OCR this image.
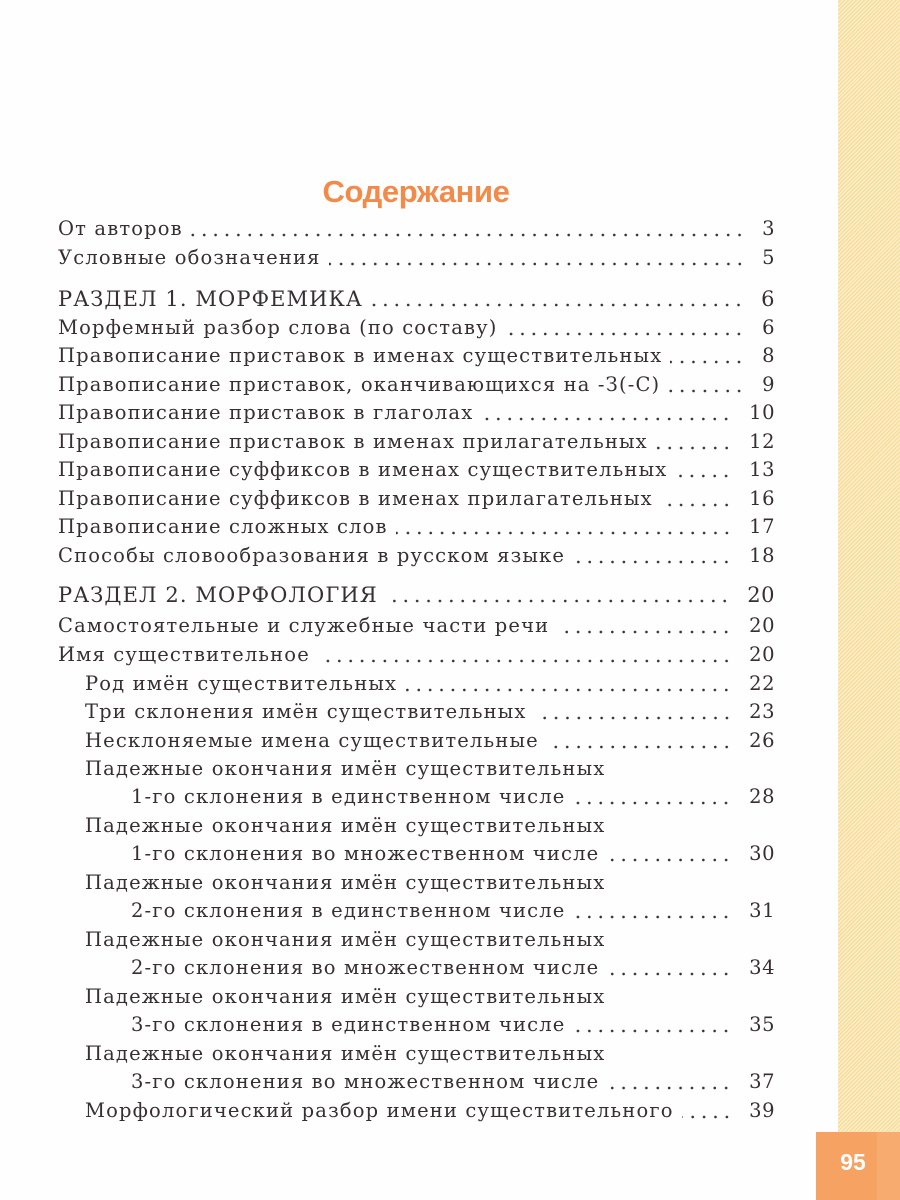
95
Содержание
От авторов	3
Условные обозначения	5
РАЗДЕЛ 1. МОРФЕМИКА	6
Морфемный разбор слова (по составу)	6
Правописание приставок в именах существительных	8
Правописание приставок, оканчивающихся на -З(-С)	9
Правописание приставок в глаголах	10
Правописание приставок в именах прилагательных	12
Правописание суффиксов в именах существительных	13
Правописание суффиксов в именах прилагательных	16
Правописание сложных слов	17
Способы словообразования в русском языке	18
РАЗДЕЛ 2. МОРФОЛОГИЯ	20
Самостоятельные и служебные части речи	20
Имя существительное	20
Род имён существительных	22
Три склонения имён существительных	23
Несклоняемые имена существительные	26
Падежные окончания имён существительных
1-го склонения в единственном числе	28
Падежные окончания имён существительных
1-го склонения во множественном числе	30
Падежные окончания имён существительных
2-го склонения в единственном числе	31
Падежные окончания имён существительных
2-го склонения во множественном числе	34
Падежные окончания имён существительных
3-го склонения в единственном числе	35
Падежные окончания имён существительных
3-го склонения во множественном числе	37
Морфологический разбор имени существительного	39
